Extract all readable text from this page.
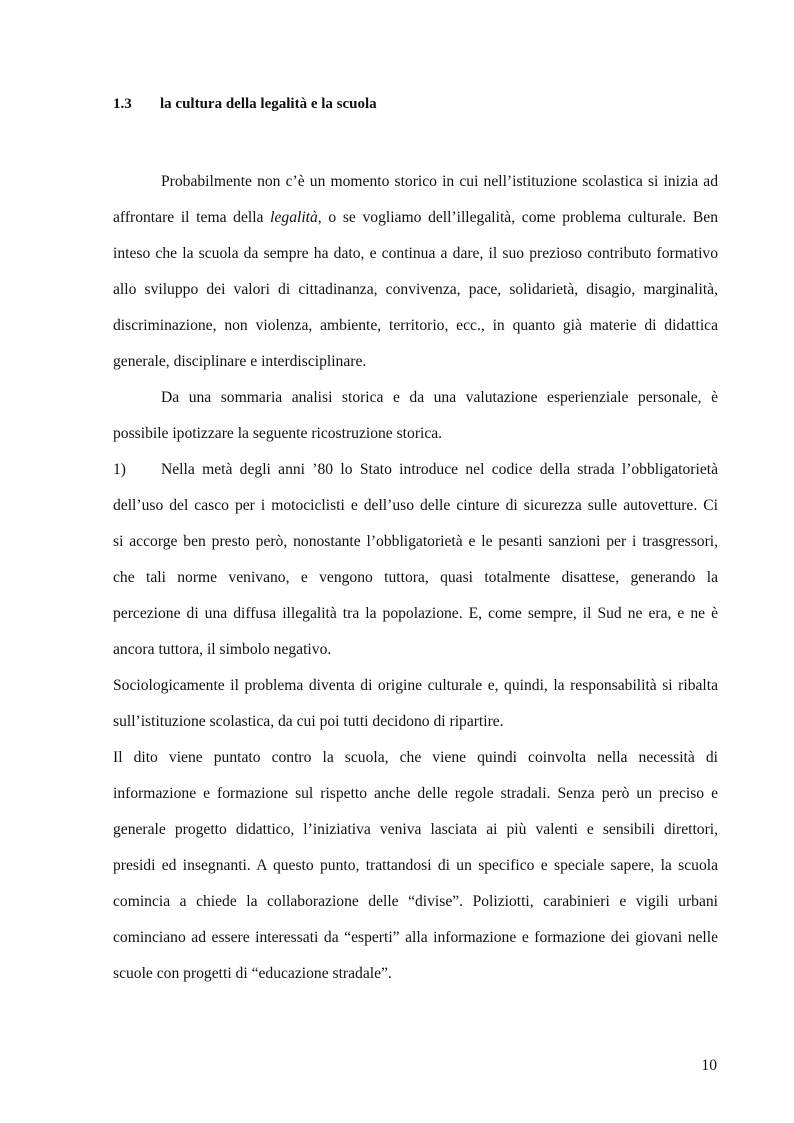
1.3 la cultura della legalità e la scuola
Probabilmente non c’è un momento storico in cui nell’istituzione scolastica si inizia ad
affrontare il tema della legalità, o se vogliamo dell’illegalità, come problema culturale. Ben
inteso che la scuola da sempre ha dato, e continua a dare, il suo prezioso contributo formativo
allo sviluppo dei valori di cittadinanza, convivenza, pace, solidarietà, disagio, marginalità,
discriminazione, non violenza, ambiente, territorio, ecc., in quanto già materie di didattica
generale, disciplinare e interdisciplinare.
Da una sommaria analisi storica e da una valutazione esperienziale personale, è
possibile ipotizzare la seguente ricostruzione storica.
1) Nella metà degli anni ’80 lo Stato introduce nel codice della strada l’obbligatorietà
dell’uso del casco per i motociclisti e dell’uso delle cinture di sicurezza sulle autovetture. Ci
si accorge ben presto però, nonostante l’obbligatorietà e le pesanti sanzioni per i trasgressori,
che tali norme venivano, e vengono tuttora, quasi totalmente disattese, generando la
percezione di una diffusa illegalità tra la popolazione. E, come sempre, il Sud ne era, e ne è
ancora tuttora, il simbolo negativo.
Sociologicamente il problema diventa di origine culturale e, quindi, la responsabilità si ribalta
sull’istituzione scolastica, da cui poi tutti decidono di ripartire.
Il dito viene puntato contro la scuola, che viene quindi coinvolta nella necessità di
informazione e formazione sul rispetto anche delle regole stradali. Senza però un preciso e
generale progetto didattico, l’iniziativa veniva lasciata ai più valenti e sensibili direttori,
presidi ed insegnanti. A questo punto, trattandosi di un specifico e speciale sapere, la scuola
comincia a chiede la collaborazione delle “divise”. Poliziotti, carabinieri e vigili urbani
cominciano ad essere interessati da “esperti” alla informazione e formazione dei giovani nelle
scuole con progetti di “educazione stradale”.
10
